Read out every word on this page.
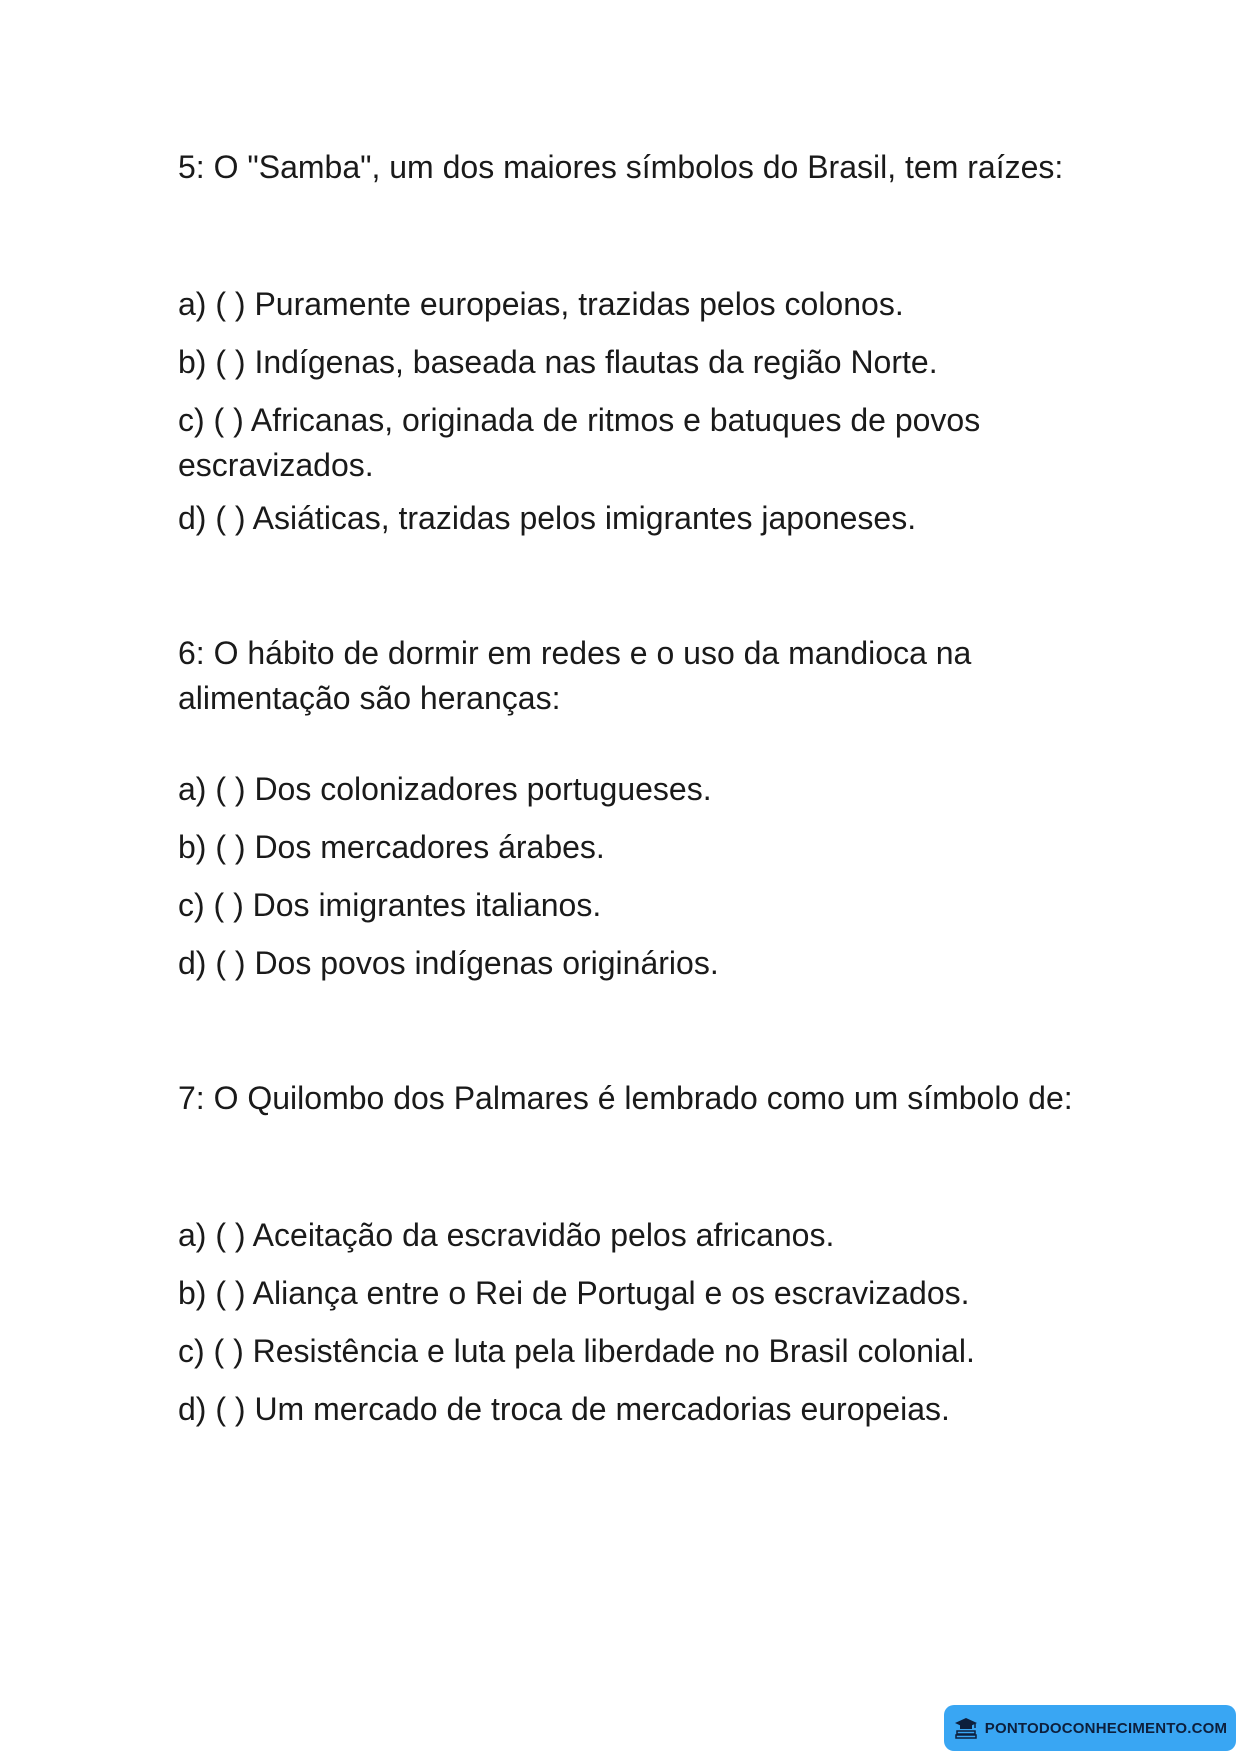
5: O "Samba", um dos maiores símbolos do Brasil, tem raízes:

a) ( ) Puramente europeias, trazidas pelos colonos.

b) ( ) Indígenas, baseada nas flautas da região Norte.

c) ( ) Africanas, originada de ritmos e batuques de povos escravizados.

d) ( ) Asiáticas, trazidas pelos imigrantes japoneses.

6: O hábito de dormir em redes e o uso da mandioca na alimentação são heranças:

a) ( ) Dos colonizadores portugueses.

b) ( ) Dos mercadores árabes.

c) ( ) Dos imigrantes italianos.

d) ( ) Dos povos indígenas originários.

7: O Quilombo dos Palmares é lembrado como um símbolo de:

a) ( ) Aceitação da escravidão pelos africanos.

b) ( ) Aliança entre o Rei de Portugal e os escravizados.

c) ( ) Resistência e luta pela liberdade no Brasil colonial.

d) ( ) Um mercado de troca de mercadorias europeias.

PONTODOCONHECIMENTO.COM
